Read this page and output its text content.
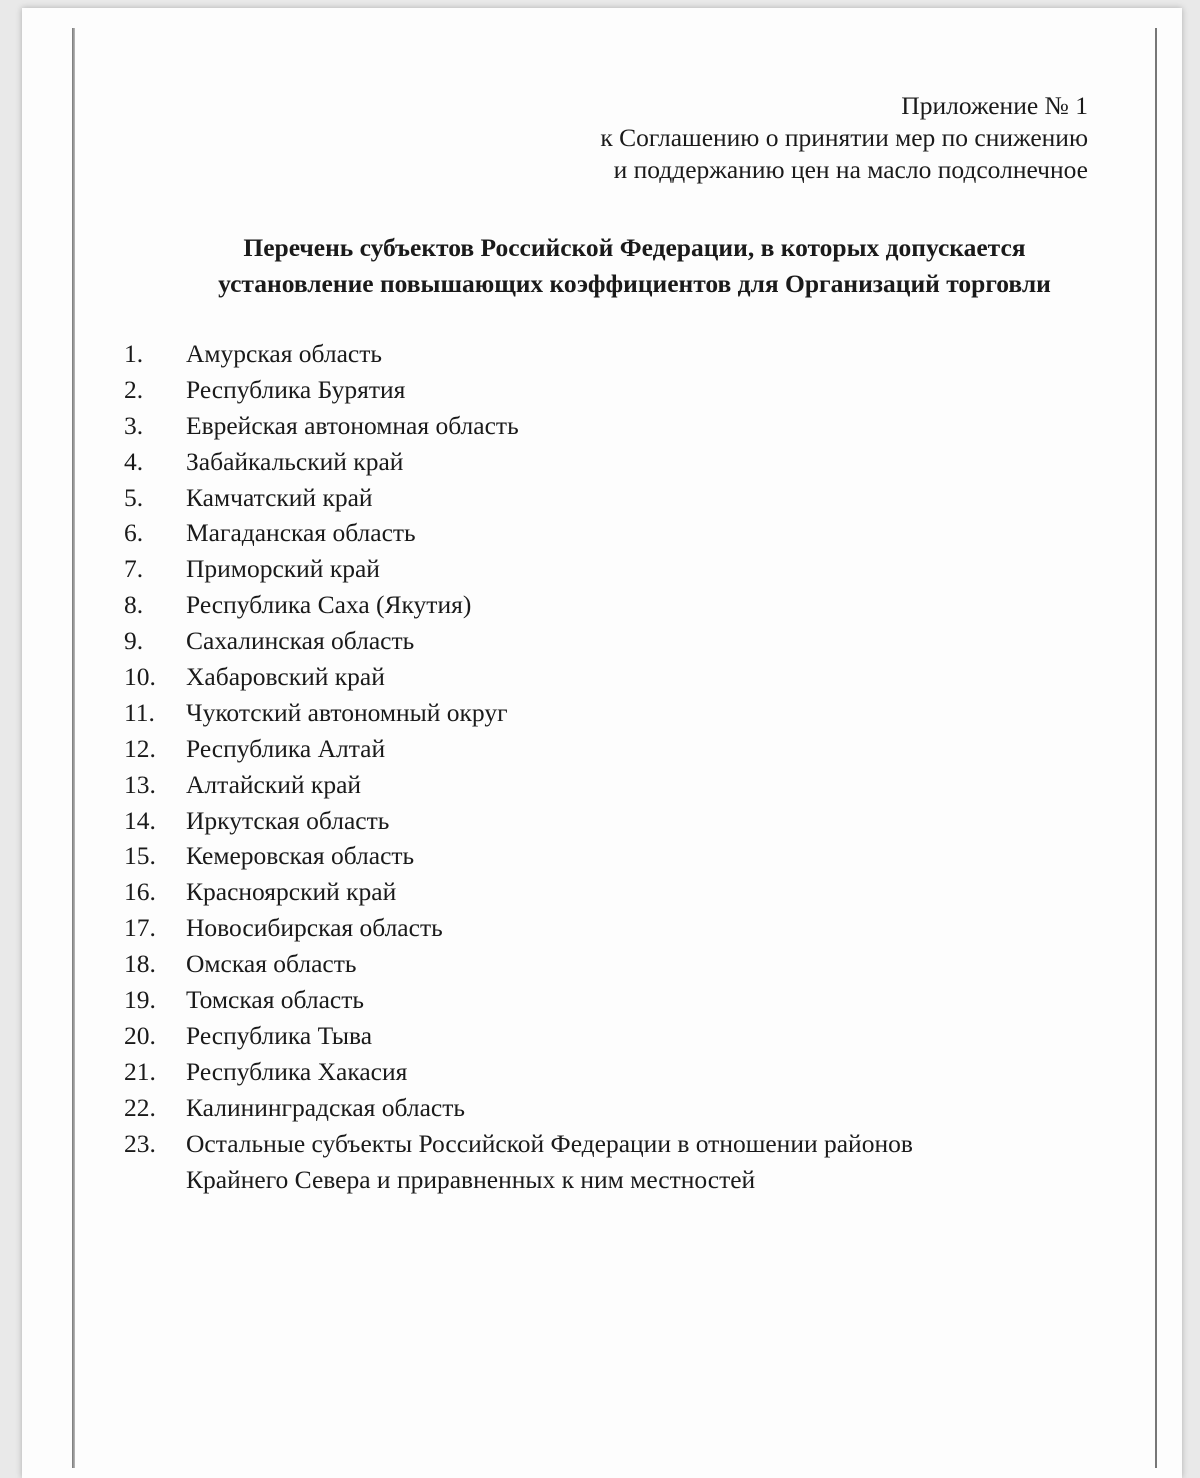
Приложение № 1
к Соглашению о принятии мер по снижению
и поддержанию цен на масло подсолнечное
Перечень субъектов Российской Федерации, в которых допускается
установление повышающих коэффициентов для Организаций торговли
1.	Амурская область
2.	Республика Бурятия
3.	Еврейская автономная область
4.	Забайкальский край
5.	Камчатский край
6.	Магаданская область
7.	Приморский край
8.	Республика Саха (Якутия)
9.	Сахалинская область
10.	Хабаровский край
11.	Чукотский автономный округ
12.	Республика Алтай
13.	Алтайский край
14.	Иркутская область
15.	Кемеровская область
16.	Красноярский край
17.	Новосибирская область
18.	Омская область
19.	Томская область
20.	Республика Тыва
21.	Республика Хакасия
22.	Калининградская область
23.	Остальные субъекты Российской Федерации в отношении районов Крайнего Севера и приравненных к ним местностей
